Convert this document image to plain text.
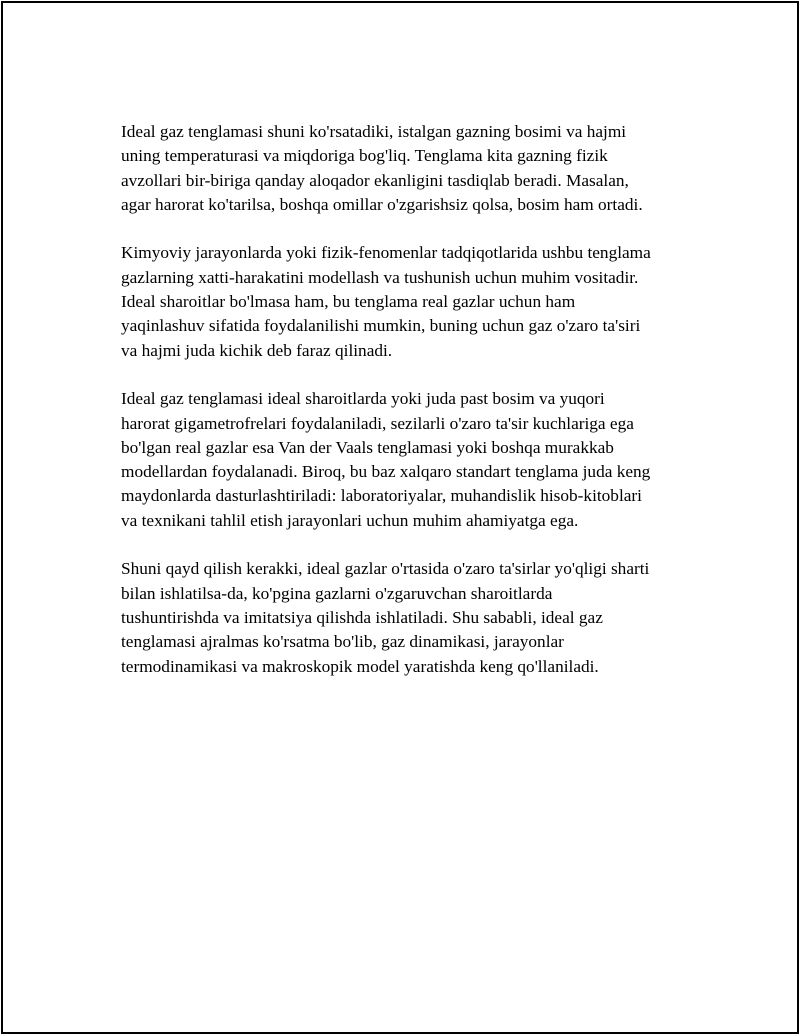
Ideal gaz tenglamasi shuni ko'rsatadiki, istalgan gazning bosimi va hajmi
uning temperaturasi va miqdoriga bog'liq. Tenglama kita gazning fizik
avzollari bir-biriga qanday aloqador ekanligini tasdiqlab beradi. Masalan,
agar harorat ko'tarilsa, boshqa omillar o'zgarishsiz qolsa, bosim ham ortadi.

Kimyoviy jarayonlarda yoki fizik-fenomenlar tadqiqotlarida ushbu tenglama
gazlarning xatti-harakatini modellash va tushunish uchun muhim vositadir.
Ideal sharoitlar bo'lmasa ham, bu tenglama real gazlar uchun ham
yaqinlashuv sifatida foydalanilishi mumkin, buning uchun gaz o'zaro ta'siri
va hajmi juda kichik deb faraz qilinadi.

Ideal gaz tenglamasi ideal sharoitlarda yoki juda past bosim va yuqori
harorat gigametrofrelari foydalaniladi, sezilarli o'zaro ta'sir kuchlariga ega
bo'lgan real gazlar esa Van der Vaals tenglamasi yoki boshqa murakkab
modellardan foydalanadi. Biroq, bu baz xalqaro standart tenglama juda keng
maydonlarda dasturlashtiriladi: laboratoriyalar, muhandislik hisob-kitoblari
va texnikani tahlil etish jarayonlari uchun muhim ahamiyatga ega.

Shuni qayd qilish kerakki, ideal gazlar o'rtasida o'zaro ta'sirlar yo'qligi sharti
bilan ishlatilsa-da, ko'pgina gazlarni o'zgaruvchan sharoitlarda
tushuntirishda va imitatsiya qilishda ishlatiladi. Shu sababli, ideal gaz
tenglamasi ajralmas ko'rsatma bo'lib, gaz dinamikasi, jarayonlar
termodinamikasi va makroskopik model yaratishda keng qo'llaniladi.
